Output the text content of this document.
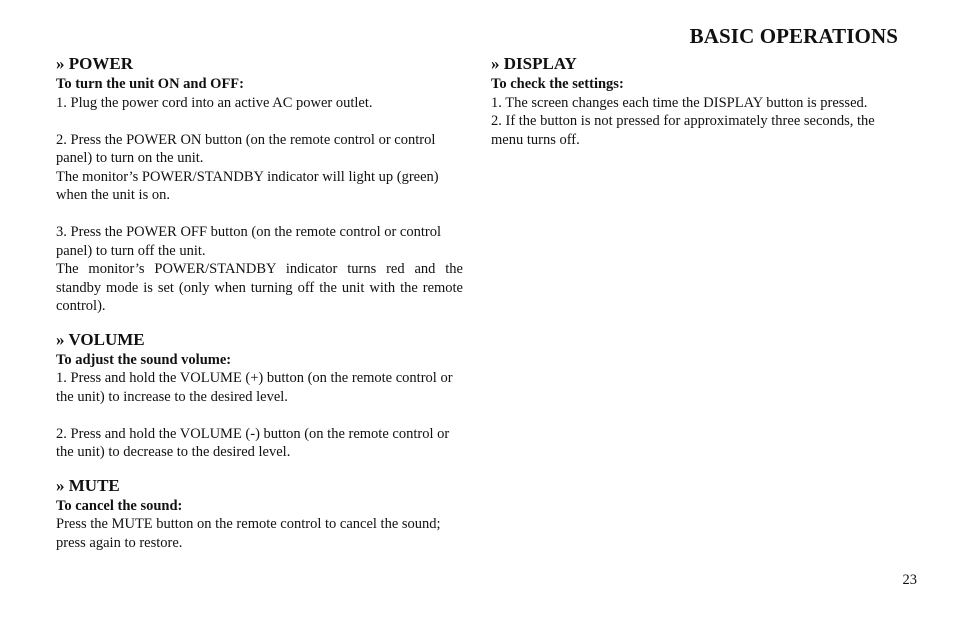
BASIC OPERATIONS
» POWER

To turn the unit ON and OFF:

1. Plug the power cord into an active AC power outlet.

2. Press the POWER ON button (on the remote control or control panel) to turn on the unit.

The monitor’s POWER/STANDBY indicator will light up (green) when the unit is on.

3. Press the POWER OFF button (on the remote control or control panel) to turn off the unit.

The monitor’s POWER/STANDBY indicator turns red and the standby mode is set (only when turning off the unit with the remote control).

» VOLUME

To adjust the sound volume:

1. Press and hold the VOLUME (+) button (on the remote control or the unit) to increase to the desired level.

2. Press and hold the VOLUME (-) button (on the remote control or the unit) to decrease to the desired level.

» MUTE

To cancel the sound:

Press the MUTE button on the remote control to cancel the sound; press again to restore.

» DISPLAY

To check the settings:

1. The screen changes each time the DISPLAY button is pressed.

2. If the button is not pressed for approximately three seconds, the menu turns off.

23
